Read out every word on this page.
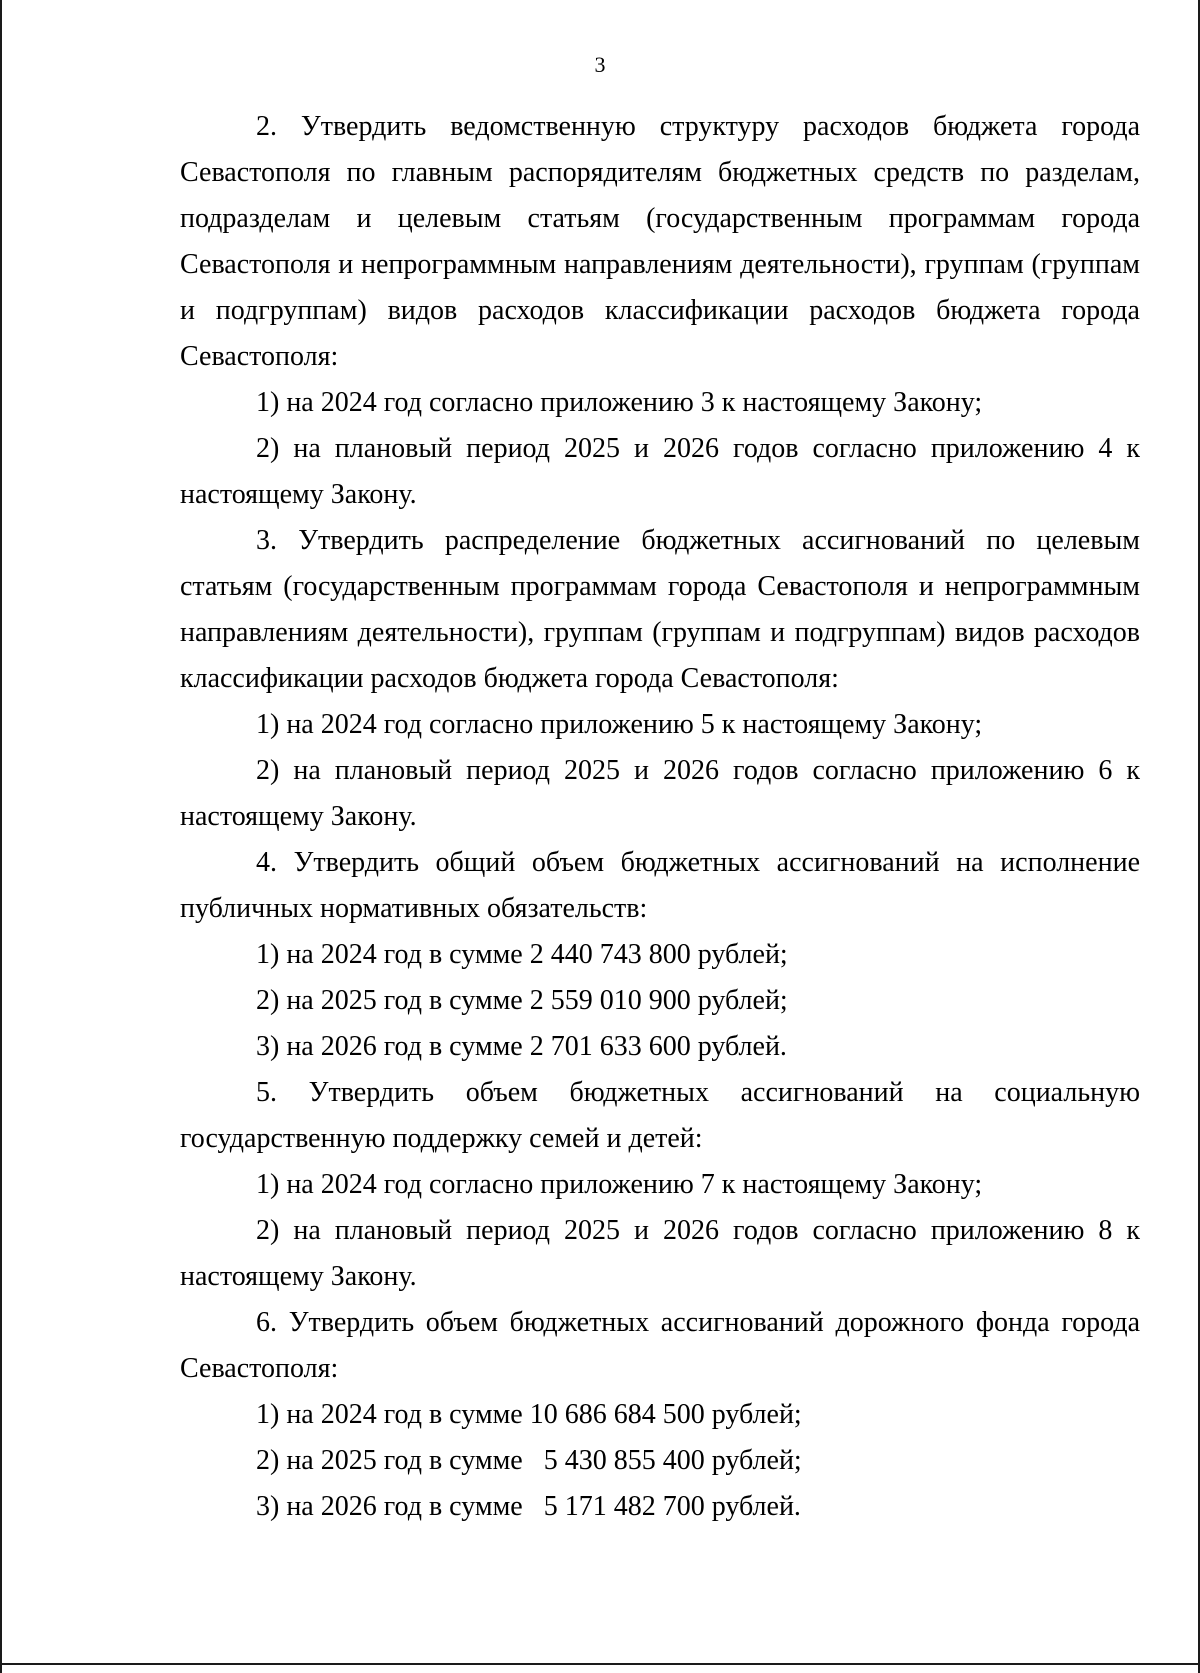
3

2. Утвердить ведомственную структуру расходов бюджета города Севастополя по главным распорядителям бюджетных средств по разделам, подразделам и целевым статьям (государственным программам города Севастополя и непрограммным направлениям деятельности), группам (группам и подгруппам) видов расходов классификации расходов бюджета города Севастополя:

1) на 2024 год согласно приложению 3 к настоящему Закону;

2) на плановый период 2025 и 2026 годов согласно приложению 4 к настоящему Закону.

3. Утвердить распределение бюджетных ассигнований по целевым статьям (государственным программам города Севастополя и непрограммным направлениям деятельности), группам (группам и подгруппам) видов расходов классификации расходов бюджета города Севастополя:

1) на 2024 год согласно приложению 5 к настоящему Закону;

2) на плановый период 2025 и 2026 годов согласно приложению 6 к настоящему Закону.

4. Утвердить общий объем бюджетных ассигнований на исполнение публичных нормативных обязательств:

1) на 2024 год в сумме 2 440 743 800 рублей;

2) на 2025 год в сумме 2 559 010 900 рублей;

3) на 2026 год в сумме 2 701 633 600 рублей.

5. Утвердить объем бюджетных ассигнований на социальную государственную поддержку семей и детей:

1) на 2024 год согласно приложению 7 к настоящему Закону;

2) на плановый период 2025 и 2026 годов согласно приложению 8 к настоящему Закону.

6. Утвердить объем бюджетных ассигнований дорожного фонда города Севастополя:

1) на 2024 год в сумме 10 686 684 500 рублей;

2) на 2025 год в сумме   5 430 855 400 рублей;

3) на 2026 год в сумме   5 171 482 700 рублей.
